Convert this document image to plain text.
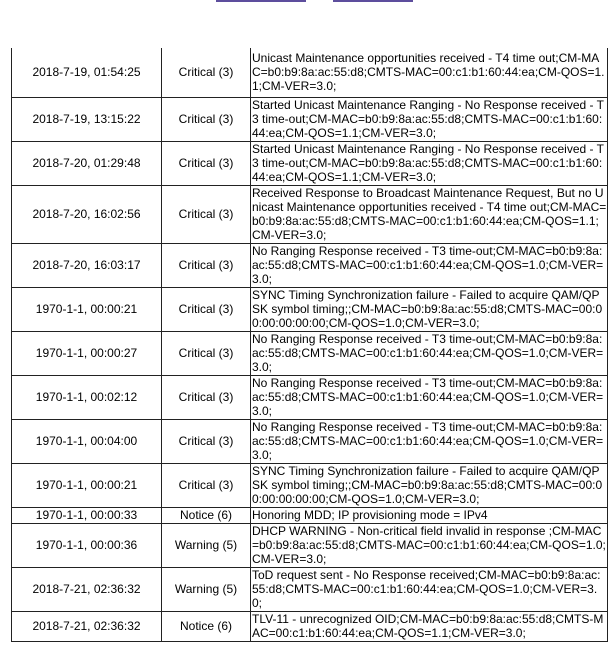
2018-7-19, 01:54:25	Critical (3)	Unicast Maintenance opportunities received - T4 time out;CM-MAC=b0:b9:8a:ac:55:d8;CMTS-MAC=00:c1:b1:60:44:ea;CM-QOS=1.1;CM-VER=3.0;
2018-7-19, 13:15:22	Critical (3)	Started Unicast Maintenance Ranging - No Response received - T3 time-out;CM-MAC=b0:b9:8a:ac:55:d8;CMTS-MAC=00:c1:b1:60:44:ea;CM-QOS=1.1;CM-VER=3.0;
2018-7-20, 01:29:48	Critical (3)	Started Unicast Maintenance Ranging - No Response received - T3 time-out;CM-MAC=b0:b9:8a:ac:55:d8;CMTS-MAC=00:c1:b1:60:44:ea;CM-QOS=1.1;CM-VER=3.0;
2018-7-20, 16:02:56	Critical (3)	Received Response to Broadcast Maintenance Request, But no Unicast Maintenance opportunities received - T4 time out;CM-MAC=b0:b9:8a:ac:55:d8;CMTS-MAC=00:c1:b1:60:44:ea;CM-QOS=1.1;CM-VER=3.0;
2018-7-20, 16:03:17	Critical (3)	No Ranging Response received - T3 time-out;CM-MAC=b0:b9:8a:ac:55:d8;CMTS-MAC=00:c1:b1:60:44:ea;CM-QOS=1.0;CM-VER=3.0;
1970-1-1, 00:00:21	Critical (3)	SYNC Timing Synchronization failure - Failed to acquire QAM/QPSK symbol timing;;CM-MAC=b0:b9:8a:ac:55:d8;CMTS-MAC=00:00:00:00:00:00;CM-QOS=1.0;CM-VER=3.0;
1970-1-1, 00:00:27	Critical (3)	No Ranging Response received - T3 time-out;CM-MAC=b0:b9:8a:ac:55:d8;CMTS-MAC=00:c1:b1:60:44:ea;CM-QOS=1.0;CM-VER=3.0;
1970-1-1, 00:02:12	Critical (3)	No Ranging Response received - T3 time-out;CM-MAC=b0:b9:8a:ac:55:d8;CMTS-MAC=00:c1:b1:60:44:ea;CM-QOS=1.0;CM-VER=3.0;
1970-1-1, 00:04:00	Critical (3)	No Ranging Response received - T3 time-out;CM-MAC=b0:b9:8a:ac:55:d8;CMTS-MAC=00:c1:b1:60:44:ea;CM-QOS=1.0;CM-VER=3.0;
1970-1-1, 00:00:21	Critical (3)	SYNC Timing Synchronization failure - Failed to acquire QAM/QPSK symbol timing;;CM-MAC=b0:b9:8a:ac:55:d8;CMTS-MAC=00:00:00:00:00:00;CM-QOS=1.0;CM-VER=3.0;
1970-1-1, 00:00:33	Notice (6)	Honoring MDD; IP provisioning mode = IPv4
1970-1-1, 00:00:36	Warning (5)	DHCP WARNING - Non-critical field invalid in response ;CM-MAC=b0:b9:8a:ac:55:d8;CMTS-MAC=00:c1:b1:60:44:ea;CM-QOS=1.0;CM-VER=3.0;
2018-7-21, 02:36:32	Warning (5)	ToD request sent - No Response received;CM-MAC=b0:b9:8a:ac:55:d8;CMTS-MAC=00:c1:b1:60:44:ea;CM-QOS=1.0;CM-VER=3.0;
2018-7-21, 02:36:32	Notice (6)	TLV-11 - unrecognized OID;CM-MAC=b0:b9:8a:ac:55:d8;CMTS-MAC=00:c1:b1:60:44:ea;CM-QOS=1.1;CM-VER=3.0;
